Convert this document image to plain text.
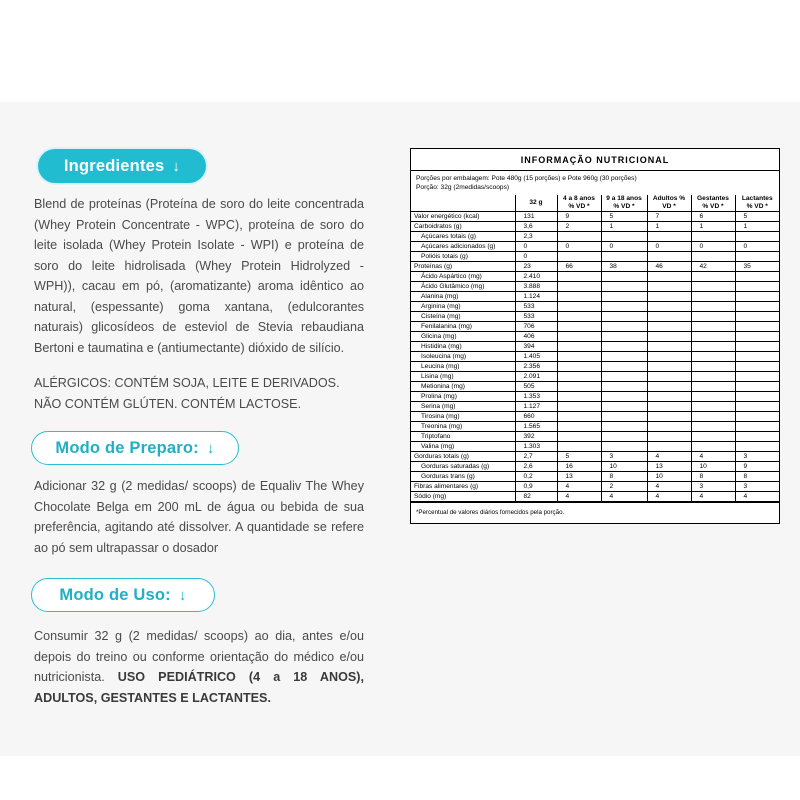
Ingredientes ↓
Blend de proteínas (Proteína de soro do leite concentrada (Whey Protein Concentrate - WPC), proteína de soro do leite isolada (Whey Protein Isolate - WPI) e proteína de soro do leite hidrolisada (Whey Protein Hidrolyzed - WPH)), cacau em pó, (aromatizante) aroma idêntico ao natural, (espessante) goma xantana, (edulcorantes naturais) glicosídeos de esteviol de Stevia rebaudiana Bertoni e taumatina e (antiumectante) dióxido de silício.
ALÉRGICOS: CONTÉM SOJA, LEITE E DERIVADOS.
NÃO CONTÉM GLÚTEN. CONTÉM LACTOSE.
Modo de Preparo: ↓
Adicionar 32 g (2 medidas/ scoops) de Equaliv The Whey Chocolate Belga em 200 mL de água ou bebida de sua preferência, agitando até dissolver. A quantidade se refere ao pó sem ultrapassar o dosador
Modo de Uso: ↓
Consumir 32 g (2 medidas/ scoops) ao dia, antes e/ou depois do treino ou conforme orientação do médico e/ou nutricionista. USO PEDIÁTRICO (4 a 18 ANOS), ADULTOS, GESTANTES E LACTANTES.
INFORMAÇÃO NUTRICIONAL
Porções por embalagem: Pote 480g (15 porções) e Pote 960g (30 porções)
Porção: 32g (2medidas/scoops)
	32 g	4 a 8 anos % VD *	9 a 18 anos % VD *	Adultos % VD *	Gestantes % VD *	Lactantes % VD *
Valor energético (kcal)	131	9	5	7	6	5
Carboidratos (g)	3,6	2	1	1	1	1
Açúcares totais (g)	2,3					
Açúcares adicionados (g)	0	0	0	0	0	0
Polióis totais (g)	0					
Proteínas (g)	23	66	38	46	42	35
Ácido Aspártico (mg)	2.410					
Ácido Glutâmico (mg)	3.888					
Alanina (mg)	1.124					
Arginina (mg)	533					
Cisteína (mg)	533					
Fenilalanina (mg)	706					
Glicina (mg)	406					
Histidina (mg)	394					
Isoleucina (mg)	1.405					
Leucina (mg)	2.356					
Lisina (mg)	2.091					
Metionina (mg)	505					
Prolina (mg)	1.353					
Serina (mg)	1.127					
Tirosina (mg)	660					
Treonina (mg)	1.565					
Triptofano	392					
Valina (mg)	1.303					
Gorduras totais (g)	2,7	5	3	4	4	3
Gorduras saturadas (g)	2,6	16	10	13	10	9
Gorduras trans (g)	0,2	13	8	10	8	8
Fibras alimentares (g)	0,9	4	2	4	3	3
Sódio (mg)	82	4	4	4	4	4
*Percentual de valores diários fornecidos pela porção.
